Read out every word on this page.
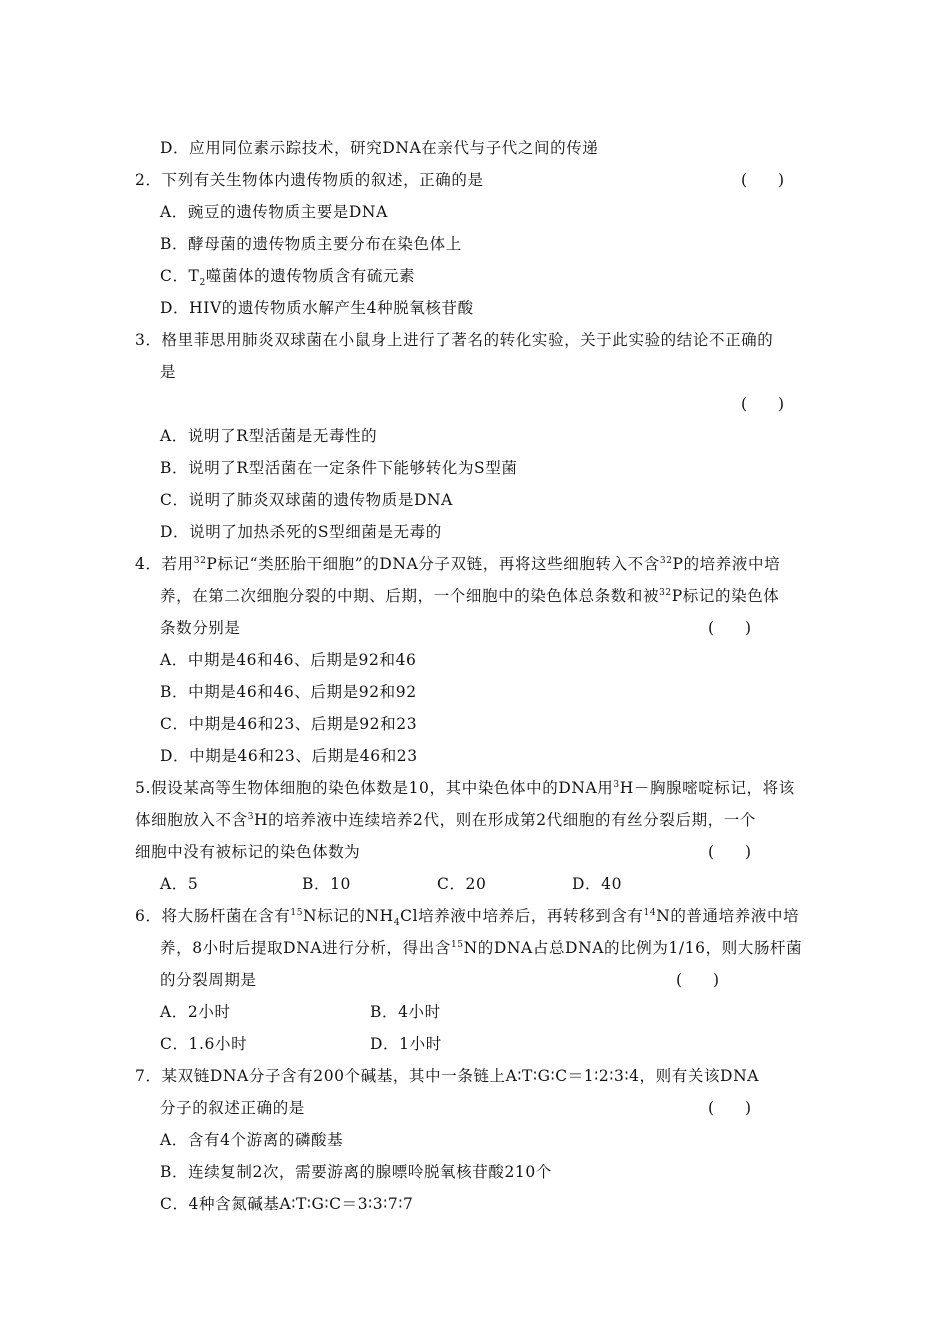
D．应用同位素示踪技术，研究DNA在亲代与子代之间的传递
2．下列有关生物体内遗传物质的叙述，正确的是	(　　)
A．豌豆的遗传物质主要是DNA
B．酵母菌的遗传物质主要分布在染色体上
C．$T_2$噬菌体的遗传物质含有硫元素
D．HIV的遗传物质水解产生4种脱氧核苷酸
3．格里菲思用肺炎双球菌在小鼠身上进行了著名的转化实验，关于此实验的结论不正确的
是
(　　)
A．说明了R型活菌是无毒性的
B．说明了R型活菌在一定条件下能够转化为S型菌
C．说明了肺炎双球菌的遗传物质是DNA
D．说明了加热杀死的S型细菌是无毒的
4．若用$^{32}$P标记“类胚胎干细胞”的DNA分子双链，再将这些细胞转入不含$^{32}$P的培养液中培
养，在第二次细胞分裂的中期、后期，一个细胞中的染色体总条数和被$^{32}$P标记的染色体
条数分别是	(　　)
A．中期是46和46、后期是92和46
B．中期是46和46、后期是92和92
C．中期是46和23、后期是92和23
D．中期是46和23、后期是46和23
5.假设某高等生物体细胞的染色体数是10，其中染色体中的DNA用$^3$H－胸腺嘧啶标记，将该
体细胞放入不含$^3$H的培养液中连续培养2代，则在形成第2代细胞的有丝分裂后期，一个
细胞中没有被标记的染色体数为	(　　)
A．5	B．10	C．20	D．40
6．将大肠杆菌在含有$^{15}$N标记的$NH_4Cl$培养液中培养后，再转移到含有$^{14}$N的普通培养液中培
养，8小时后提取DNA进行分析，得出含$^{15}$N的DNA占总DNA的比例为1/16，则大肠杆菌
的分裂周期是	(　　)
A．2小时	B．4小时
C．1.6小时	D．1小时
7．某双链DNA分子含有200个碱基，其中一条链上A∶T∶G∶C＝1∶2∶3∶4，则有关该DNA
分子的叙述正确的是	(　　)
A．含有4个游离的磷酸基
B．连续复制2次，需要游离的腺嘌呤脱氧核苷酸210个
C．4种含氮碱基A∶T∶G∶C＝3∶3∶7∶7
